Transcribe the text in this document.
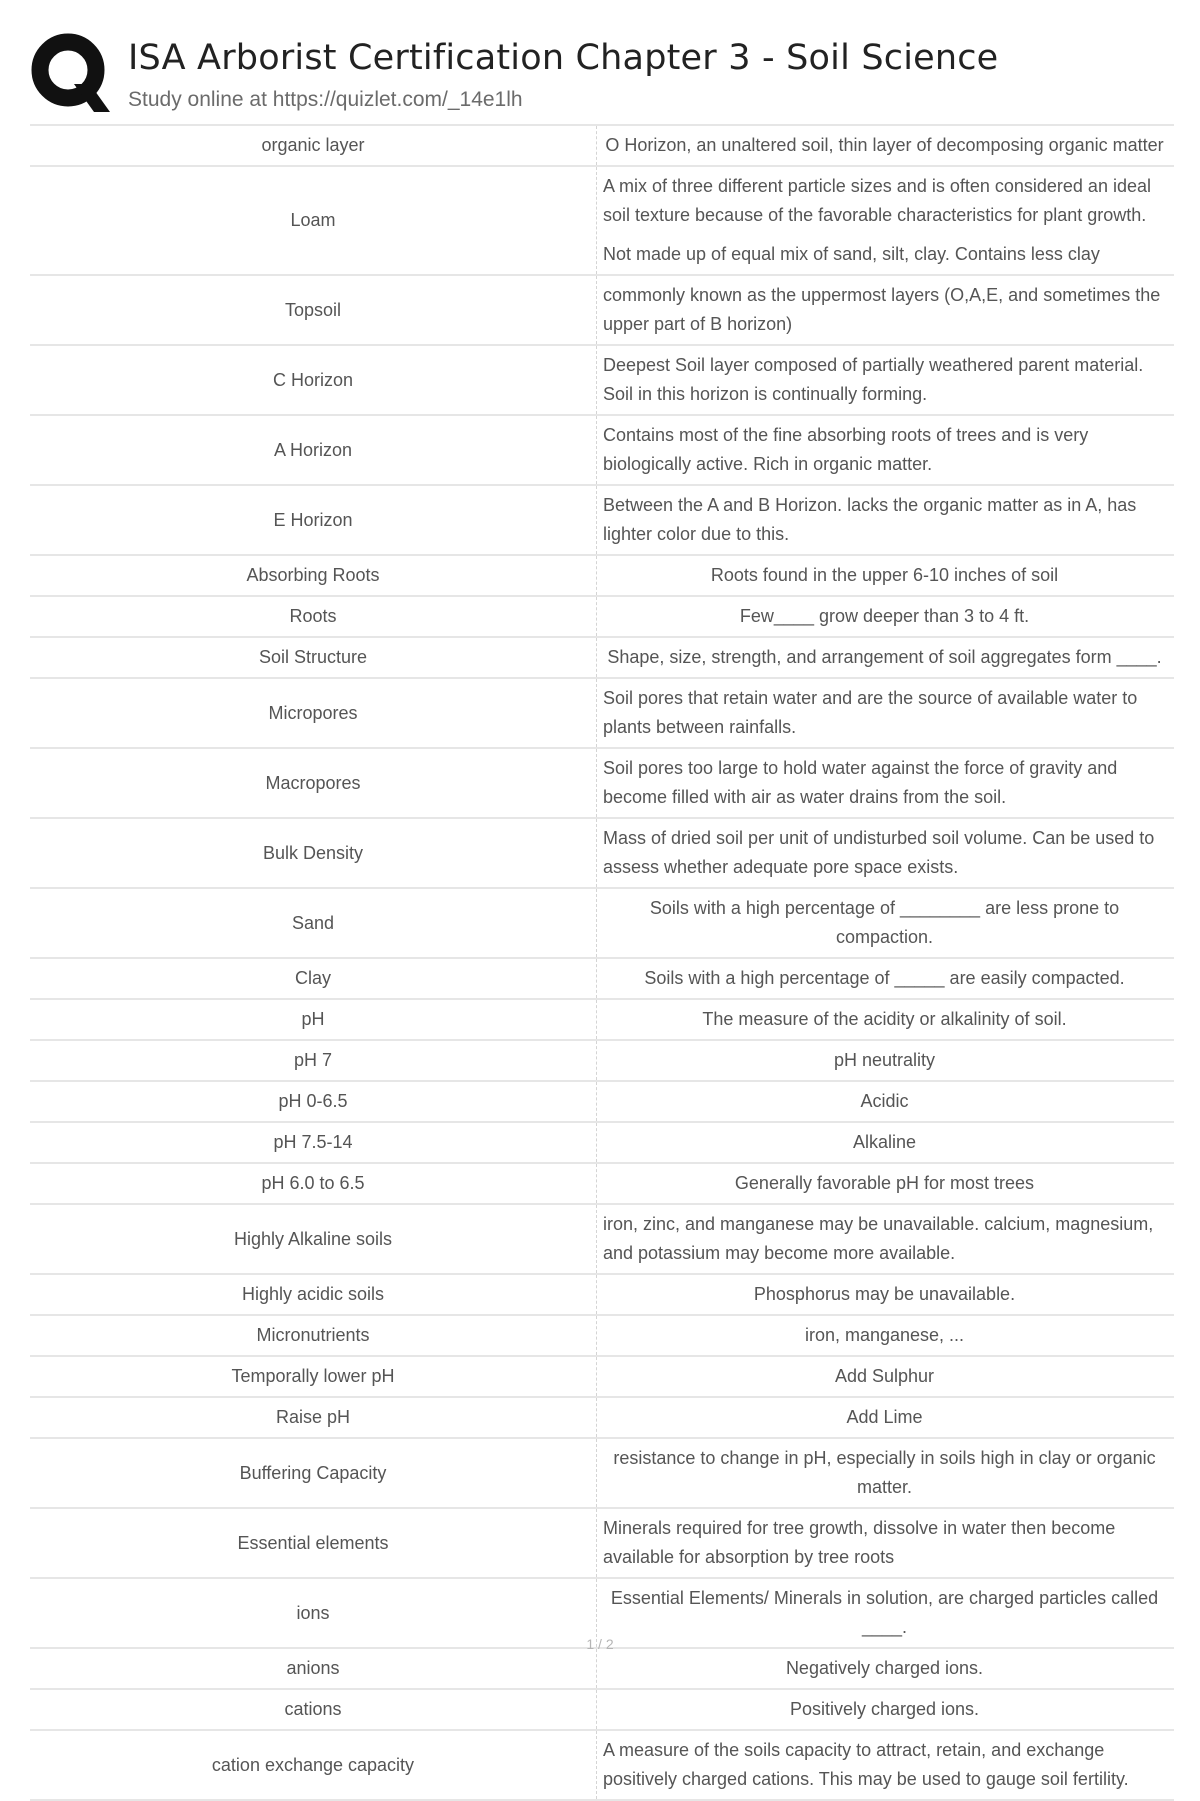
ISA Arborist Certification Chapter 3 - Soil Science
Study online at https://quizlet.com/_14e1lh
organic layer	O Horizon, an unaltered soil, thin layer of decomposing organic matter
Loam	A mix of three different particle sizes and is often considered an ideal soil texture because of the favorable characteristics for plant growth.
Not made up of equal mix of sand, silt, clay. Contains less clay

Topsoil	commonly known as the uppermost layers (O,A,E, and sometimes the upper part of B horizon)
C Horizon	Deepest Soil layer composed of partially weathered parent material. Soil in this horizon is continually forming.
A Horizon	Contains most of the fine absorbing roots of trees and is very biologically active. Rich in organic matter.
E Horizon	Between the A and B Horizon. lacks the organic matter as in A, has lighter color due to this.
Absorbing Roots	Roots found in the upper 6-10 inches of soil
Roots	Few____ grow deeper than 3 to 4 ft.
Soil Structure	Shape, size, strength, and arrangement of soil aggregates form ____.
Micropores	Soil pores that retain water and are the source of available water to plants between rainfalls.
Macropores	Soil pores too large to hold water against the force of gravity and become filled with air as water drains from the soil.
Bulk Density	Mass of dried soil per unit of undisturbed soil volume. Can be used to assess whether adequate pore space exists.
Sand	Soils with a high percentage of ________ are less prone to compaction.
Clay	Soils with a high percentage of _____ are easily compacted.
pH	The measure of the acidity or alkalinity of soil.
pH 7	pH neutrality
pH 0-6.5	Acidic
pH 7.5-14	Alkaline
pH 6.0 to 6.5	Generally favorable pH for most trees
Highly Alkaline soils	iron, zinc, and manganese may be unavailable. calcium, magnesium, and potassium may become more available.
Highly acidic soils	Phosphorus may be unavailable.
Micronutrients	iron, manganese, ...
Temporally lower pH	Add Sulphur
Raise pH	Add Lime
Buffering Capacity	resistance to change in pH, especially in soils high in clay or organic matter.
Essential elements	Minerals required for tree growth, dissolve in water then become available for absorption by tree roots
ions	Essential Elements/ Minerals in solution, are charged particles called ____.
anions	Negatively charged ions.
cations	Positively charged ions.
cation exchange capacity	A measure of the soils capacity to attract, retain, and exchange positively charged cations. This may be used to gauge soil fertility.
1 / 2
